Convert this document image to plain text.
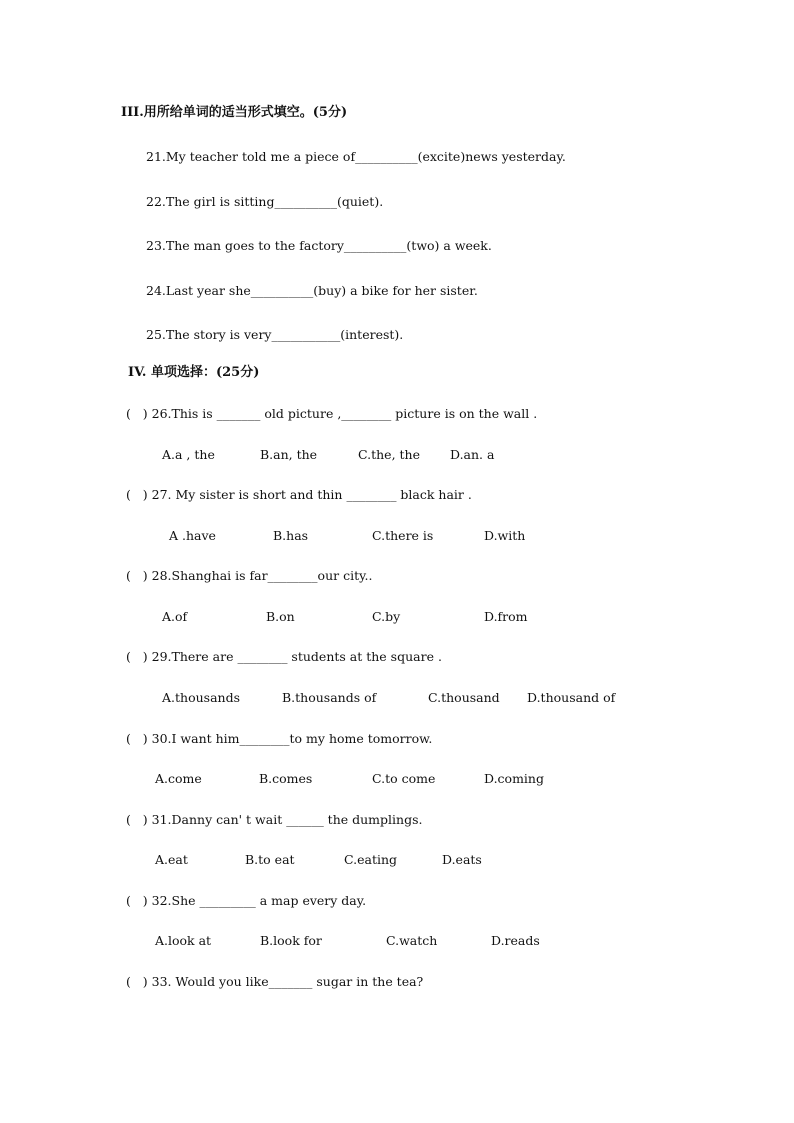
III.用所给单词的适当形式填空。(5分)
21.My teacher told me a piece of__________(excite)news yesterday.
22.The girl is sitting__________(quiet).
23.The man goes to the factory__________(two) a week.
24.Last year she__________(buy) a bike for her sister.
25.The story is very___________(interest).
IV. 单项选择：(25分)
(   ) 26.This is _______ old picture ,________ picture is on the wall .
A.a , the	B.an, the	C.the, the D.an. a
(   ) 27. My sister is short and thin ________ black hair .
A .have	B.has	C.there is	D.with
(   ) 28.Shanghai is far________our city..
A.of	B.on	C.by	D.from
(   ) 29.There are ________ students at the square .
A.thousands	B.thousands of	C.thousand D.thousand of
(   ) 30.I want him________to my home tomorrow.
A.come	B.comes	C.to come	D.coming
(   ) 31.Danny can' t wait ______ the dumplings.
A.eat	B.to eat	C.eating	D.eats
(   ) 32.She _________ a map every day.
A.look at	B.look for	C.watch	D.reads
(   ) 33. Would you like_______ sugar in the tea?
